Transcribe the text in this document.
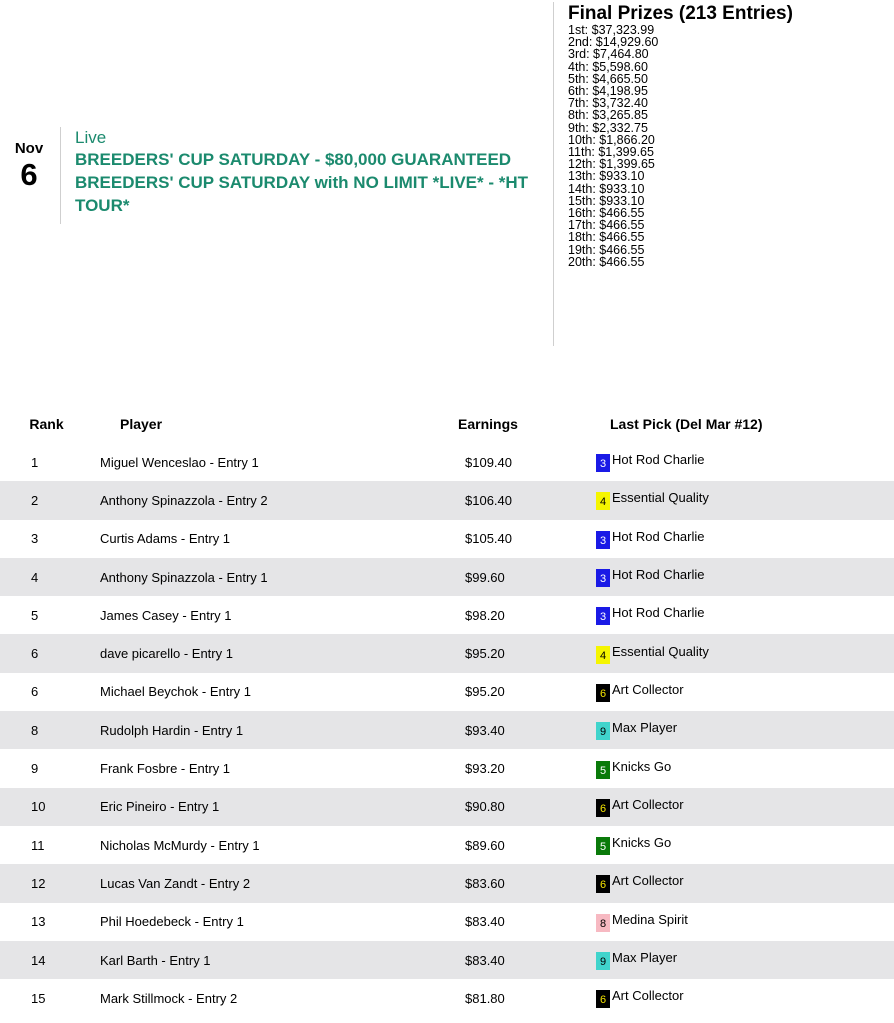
Nov
6
Live
BREEDERS' CUP SATURDAY - $80,000 GUARANTEED BREEDERS' CUP SATURDAY with NO LIMIT *LIVE* - *HT TOUR*
Final Prizes (213 Entries)
1st: $37,323.99
2nd: $14,929.60
3rd: $7,464.80
4th: $5,598.60
5th: $4,665.50
6th: $4,198.95
7th: $3,732.40
8th: $3,265.85
9th: $2,332.75
10th: $1,866.20
11th: $1,399.65
12th: $1,399.65
13th: $933.10
14th: $933.10
15th: $933.10
16th: $466.55
17th: $466.55
18th: $466.55
19th: $466.55
20th: $466.55
Rank	Player	Earnings	Last Pick (Del Mar #12)
1	Miguel Wenceslao - Entry 1	$109.40	3 Hot Rod Charlie
2	Anthony Spinazzola - Entry 2	$106.40	4 Essential Quality
3	Curtis Adams - Entry 1	$105.40	3 Hot Rod Charlie
4	Anthony Spinazzola - Entry 1	$99.60	3 Hot Rod Charlie
5	James Casey - Entry 1	$98.20	3 Hot Rod Charlie
6	dave picarello - Entry 1	$95.20	4 Essential Quality
6	Michael Beychok - Entry 1	$95.20	6 Art Collector
8	Rudolph Hardin - Entry 1	$93.40	9 Max Player
9	Frank Fosbre - Entry 1	$93.20	5 Knicks Go
10	Eric Pineiro - Entry 1	$90.80	6 Art Collector
11	Nicholas McMurdy - Entry 1	$89.60	5 Knicks Go
12	Lucas Van Zandt - Entry 2	$83.60	6 Art Collector
13	Phil Hoedebeck - Entry 1	$83.40	8 Medina Spirit
14	Karl Barth - Entry 1	$83.40	9 Max Player
15	Mark Stillmock - Entry 2	$81.80	6 Art Collector
